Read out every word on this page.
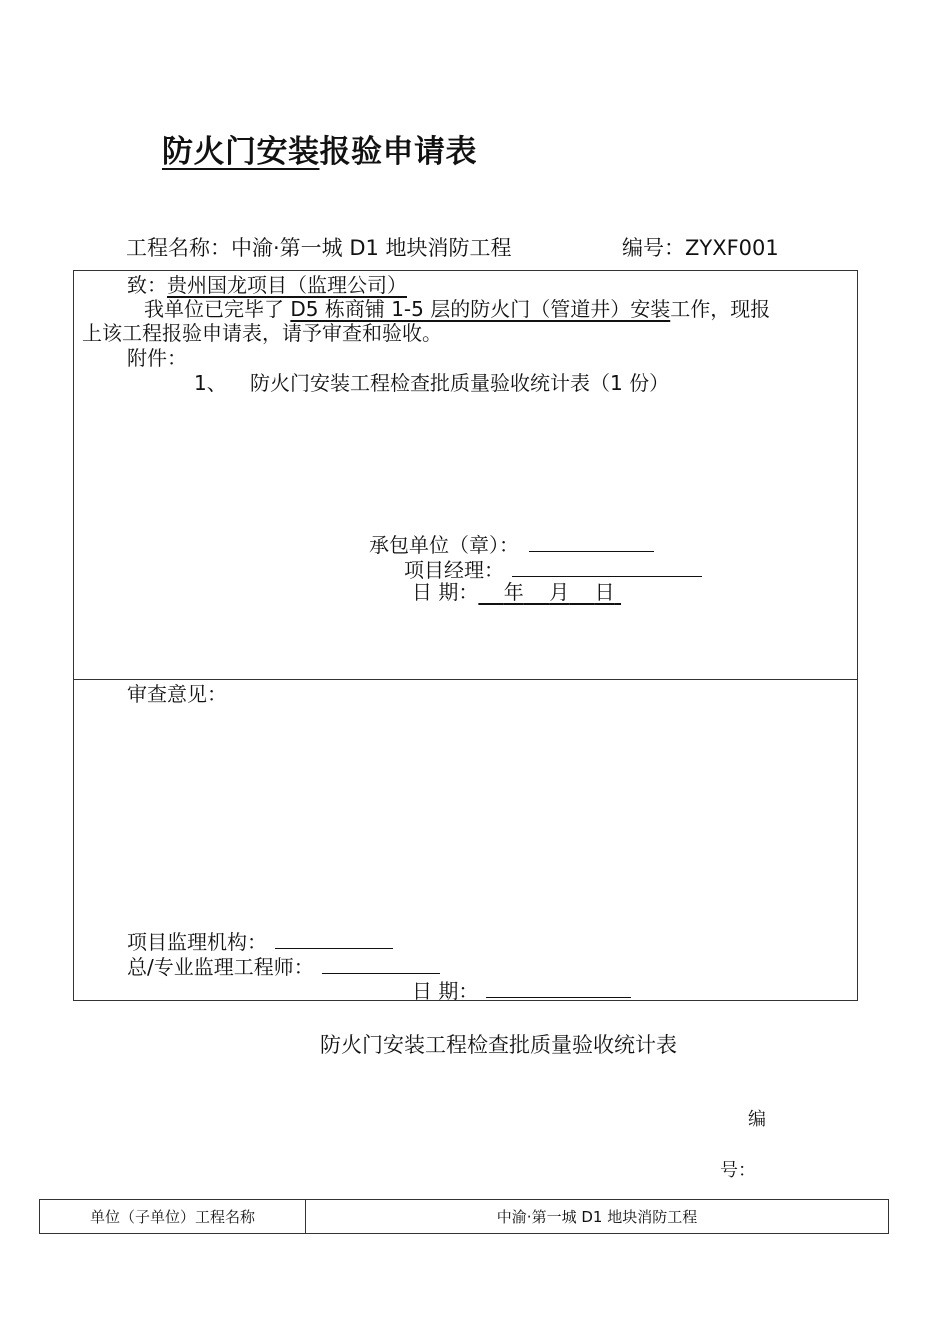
防火门安装报验申请表
工程名称：中渝·第一城 D1 地块消防工程	编号：ZYXF001
致：贵州国龙项目（监理公司）
我单位已完毕了 D5 栋商铺 1-5 层的防火门（管道井）安装工作，现报
上该工程报验申请表，请予审查和验收。
附件：
1、 防火门安装工程检查批质量验收统计表（1 份）
承包单位（章）：
项目经理：
日 期： 年 月 日
审查意见：
项目监理机构：
总/专业监理工程师：
日 期：
防火门安装工程检查批质量验收统计表
编
号：
单位（子单位）工程名称	中渝·第一城 D1 地块消防工程
